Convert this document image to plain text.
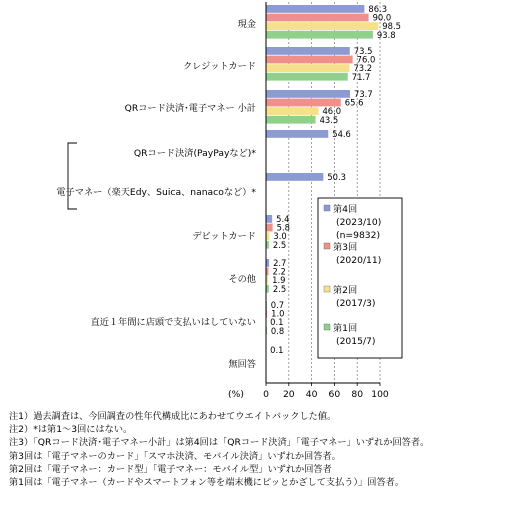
86.3
90.0
98.5
93.8
73.5
76.0
73.2
71.7
73.7
65.6
46.0
43.5
54.6
50.3
5.4
5.8
3.0
2.5
2.7
2.2
1.9
2.5
0.7
1.0
0.1
0.8
0.1
現金
クレジットカード
QRコード決済･電子マネー 小計
QRコード決済(PayPayなど)*
電子マネー（楽天Edy、Suica、nanacoなど）*
デビットカード
その他
直近１年間に店頭で支払いはしていない
無回答
0 20 40 60 80 100
(%)
第4回
(2023/10)
(n=9832)
第3回
(2020/11)
第2回
(2017/3)
第1回
(2015/7)
注1）過去調査は、今回調査の性年代構成比にあわせてウエイトバックした値。
注2）*は第1～3回にはない。
注3）「QRコード決済･電子マネー小計」は第4回は「QRコード決済」「電子マネー」いずれか回答者。
第3回は「電子マネーのカード」「スマホ決済、モバイル決済」いずれか回答者。
第2回は「電子マネー：カード型」「電子マネー：モバイル型」いずれか回答者
第1回は「電子マネー（カードやスマートフォン等を端末機にピッとかざして支払う）」回答者。
